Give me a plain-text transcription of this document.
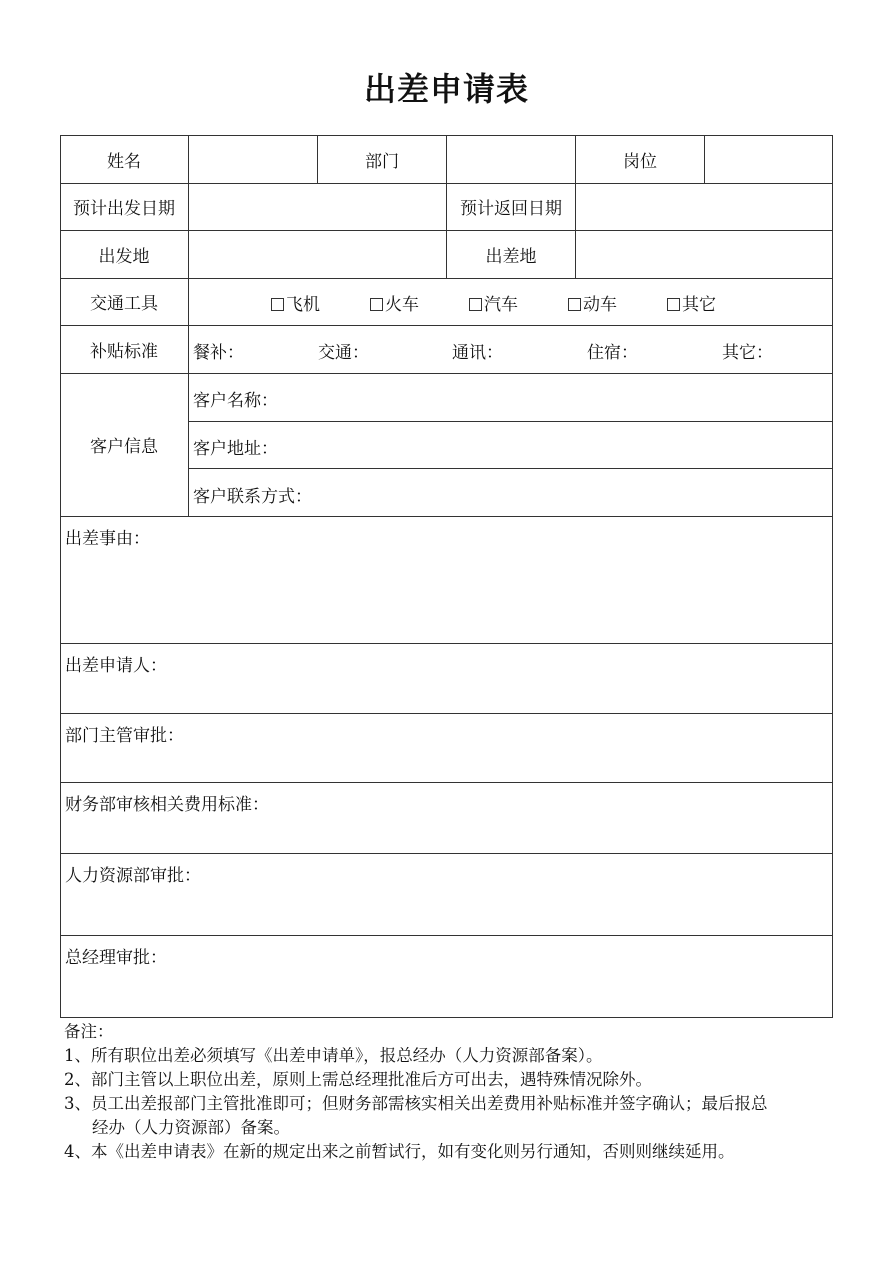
出差申请表
姓名	部门	岗位
预计出发日期	预计返回日期
出发地	出差地
交通工具	飞机	火车	汽车	动车	其它
补贴标准	餐补：	交通：	通讯：	住宿：	其它：
客户信息
客户名称：
客户地址：
客户联系方式：
出差事由：
出差申请人：
部门主管审批：
财务部审核相关费用标准：
人力资源部审批：
总经理审批：
备注：
1、所有职位出差必须填写《出差申请单》，报总经办（人力资源部备案）。
2、部门主管以上职位出差，原则上需总经理批准后方可出去，遇特殊情况除外。
3、员工出差报部门主管批准即可；但财务部需核实相关出差费用补贴标准并签字确认；最后报总
经办（人力资源部）备案。
4、本《出差申请表》在新的规定出来之前暂试行，如有变化则另行通知，否则则继续延用。
